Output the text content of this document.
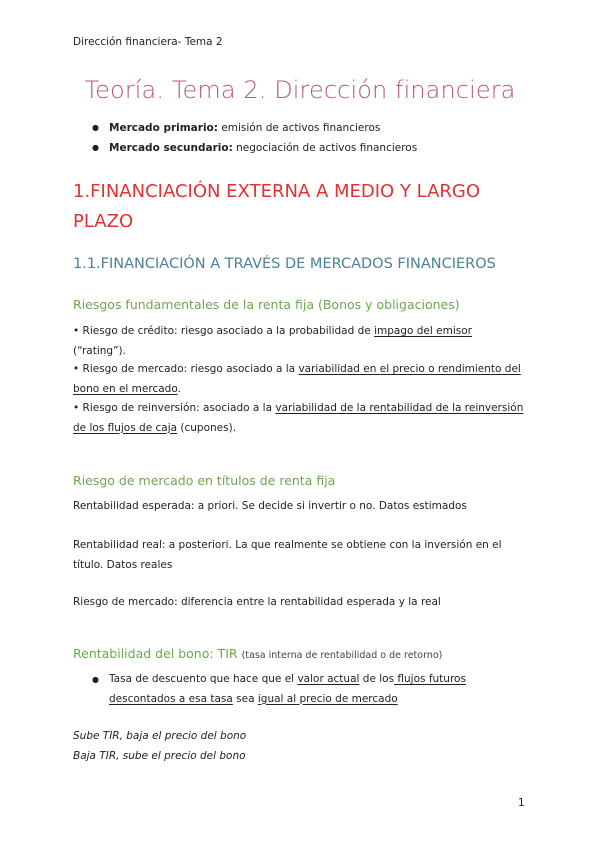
Dirección financiera- Tema 2
Teoría. Tema 2. Dirección financiera
● Mercado primario: emisión de activos financieros
● Mercado secundario: negociación de activos financieros
1.FINANCIACIÓN EXTERNA A MEDIO Y LARGO PLAZO
1.1.FINANCIACIÓN A TRAVÉS DE MERCADOS FINANCIEROS
Riesgos fundamentales de la renta fija (Bonos y obligaciones)
• Riesgo de crédito: riesgo asociado a la probabilidad de impago del emisor
(“rating”).
• Riesgo de mercado: riesgo asociado a la variabilidad en el precio o rendimiento del bono en el mercado.
• Riesgo de reinversión: asociado a la variabilidad de la rentabilidad de la reinversión de los flujos de caja (cupones).
Riesgo de mercado en títulos de renta fija
Rentabilidad esperada: a priori. Se decide si invertir o no. Datos estimados
Rentabilidad real: a posteriori. La que realmente se obtiene con la inversión en el título. Datos reales
Riesgo de mercado: diferencia entre la rentabilidad esperada y la real
Rentabilidad del bono: TIR (tasa interna de rentabilidad o de retorno)
● Tasa de descuento que hace que el valor actual de los flujos futuros descontados a esa tasa sea igual al precio de mercado
Sube TIR, baja el precio del bono
Baja TIR, sube el precio del bono
1
